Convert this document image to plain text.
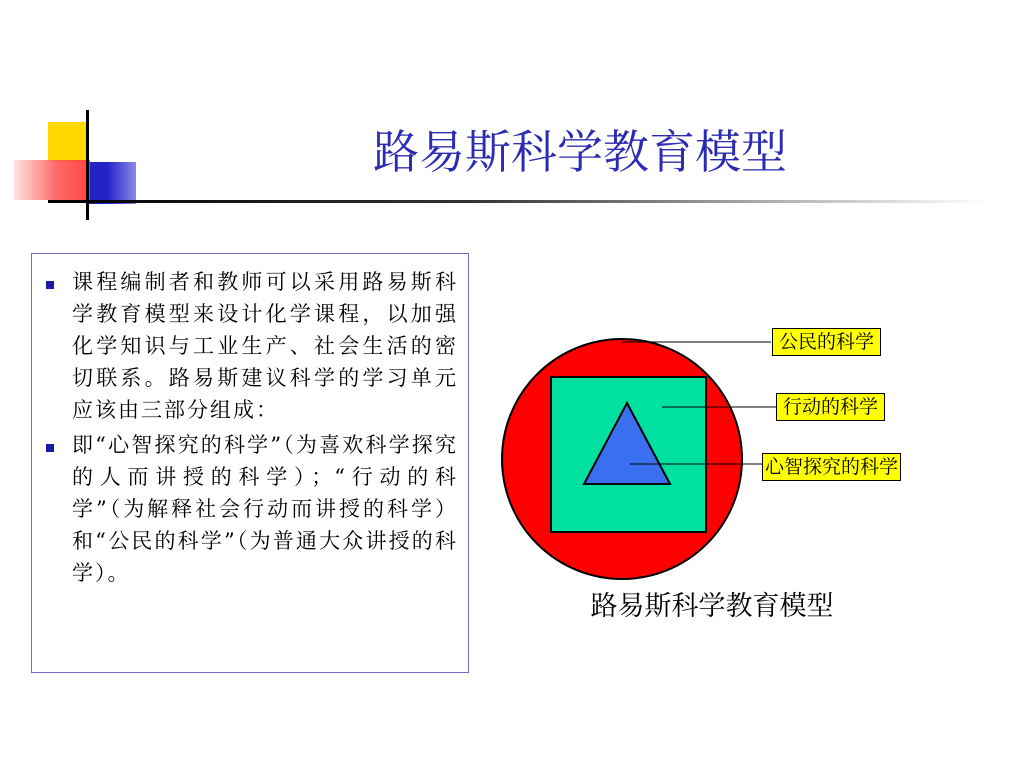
路易斯科学教育模型
课程编制者和教师可以采用路易斯科学教育模型来设计化学课程，以加强化学知识与工业生产、社会生活的密切联系。路易斯建议科学的学习单元应该由三部分组成：
即“心智探究的科学”（为喜欢科学探究的人而讲授的科学）；“行动的科学”（为解释社会行动而讲授的科学）和“公民的科学”（为普通大众讲授的科学）。
公民的科学
行动的科学
心智探究的科学
路易斯科学教育模型
